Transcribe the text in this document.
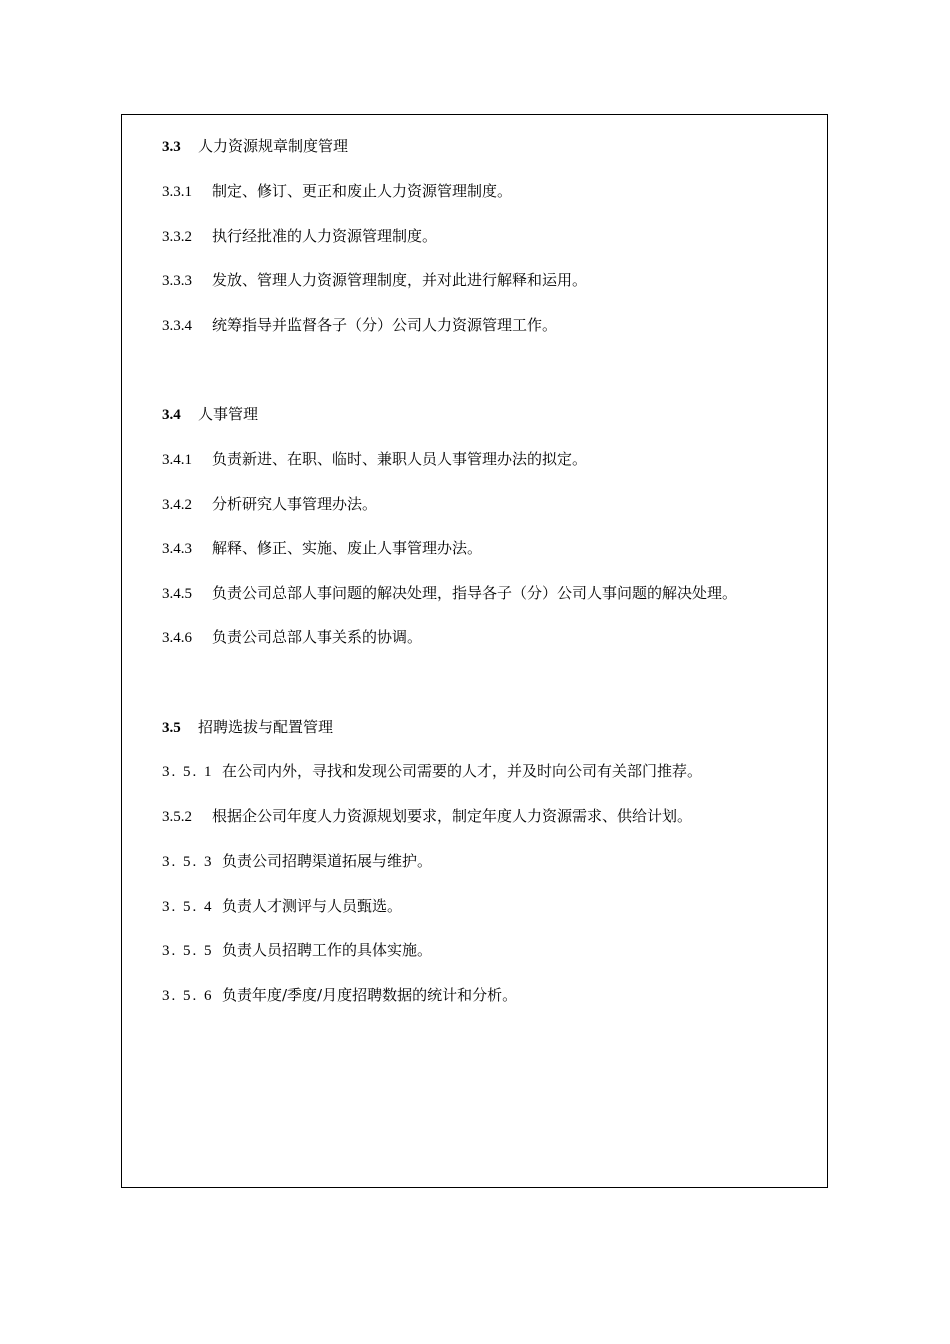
3.3 人力资源规章制度管理
3.3.1 制定、修订、更正和废止人力资源管理制度。
3.3.2 执行经批准的人力资源管理制度。
3.3.3 发放、管理人力资源管理制度，并对此进行解释和运用。
3.3.4 统筹指导并监督各子（分）公司人力资源管理工作。
3.4 人事管理
3.4.1 负责新进、在职、临时、兼职人员人事管理办法的拟定。
3.4.2 分析研究人事管理办法。
3.4.3 解释、修正、实施、废止人事管理办法。
3.4.5 负责公司总部人事问题的解决处理，指导各子（分）公司人事问题的解决处理。
3.4.6 负责公司总部人事关系的协调。
3.5 招聘选拔与配置管理
3. 5. 1 在公司内外，寻找和发现公司需要的人才，并及时向公司有关部门推荐。
3.5.2 根据企公司年度人力资源规划要求，制定年度人力资源需求、供给计划。
3. 5. 3 负责公司招聘渠道拓展与维护。
3. 5. 4 负责人才测评与人员甄选。
3. 5. 5 负责人员招聘工作的具体实施。
3. 5. 6 负责年度/季度/月度招聘数据的统计和分析。
